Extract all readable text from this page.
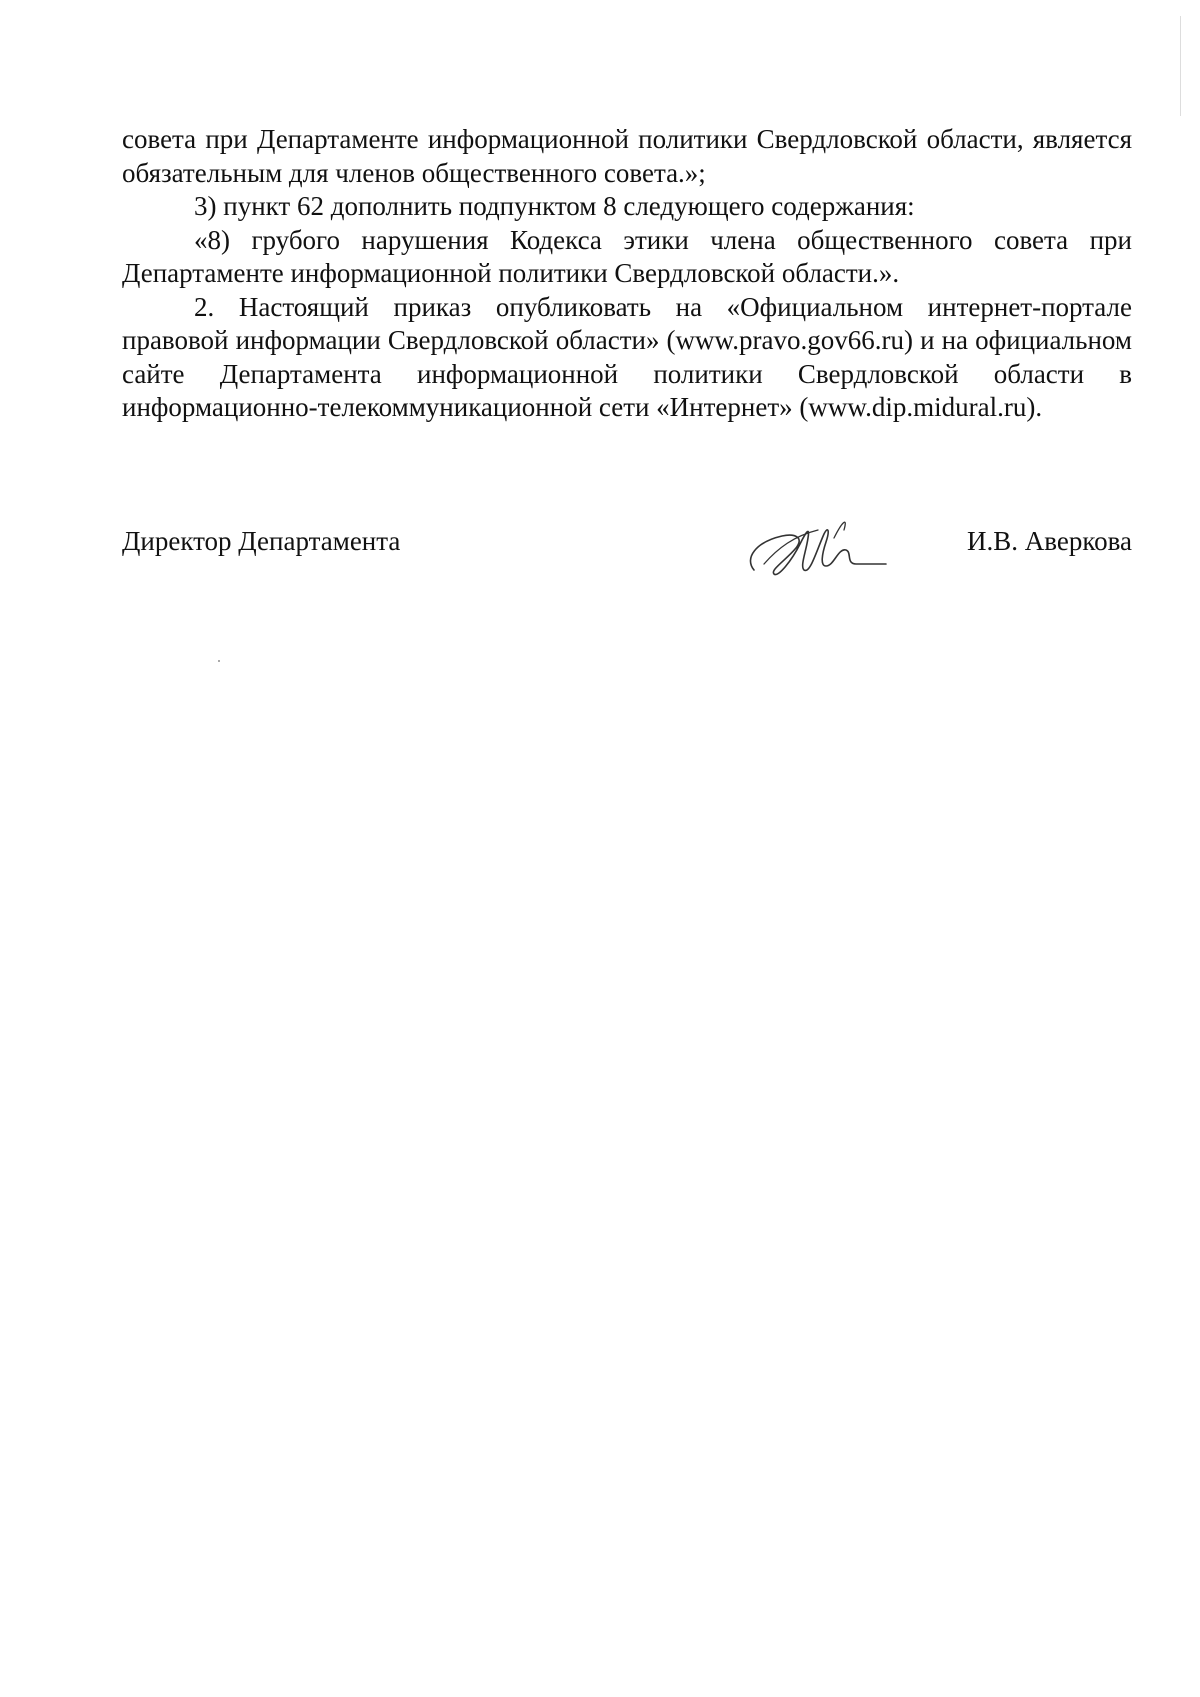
совета при Департаменте информационной политики Свердловской области, является обязательным для членов общественного совета.»;

3) пункт 62 дополнить подпунктом 8 следующего содержания:

«8) грубого нарушения Кодекса этики члена общественного совета при Департаменте информационной политики Свердловской области.».

2. Настоящий приказ опубликовать на «Официальном интернет-портале правовой информации Свердловской области» (www.pravo.gov66.ru) и на официальном сайте Департамента информационной политики Свердловской области в информационно-телекоммуникационной сети «Интернет» (www.dip.midural.ru).

Директор Департамента	И.В. Аверкова
